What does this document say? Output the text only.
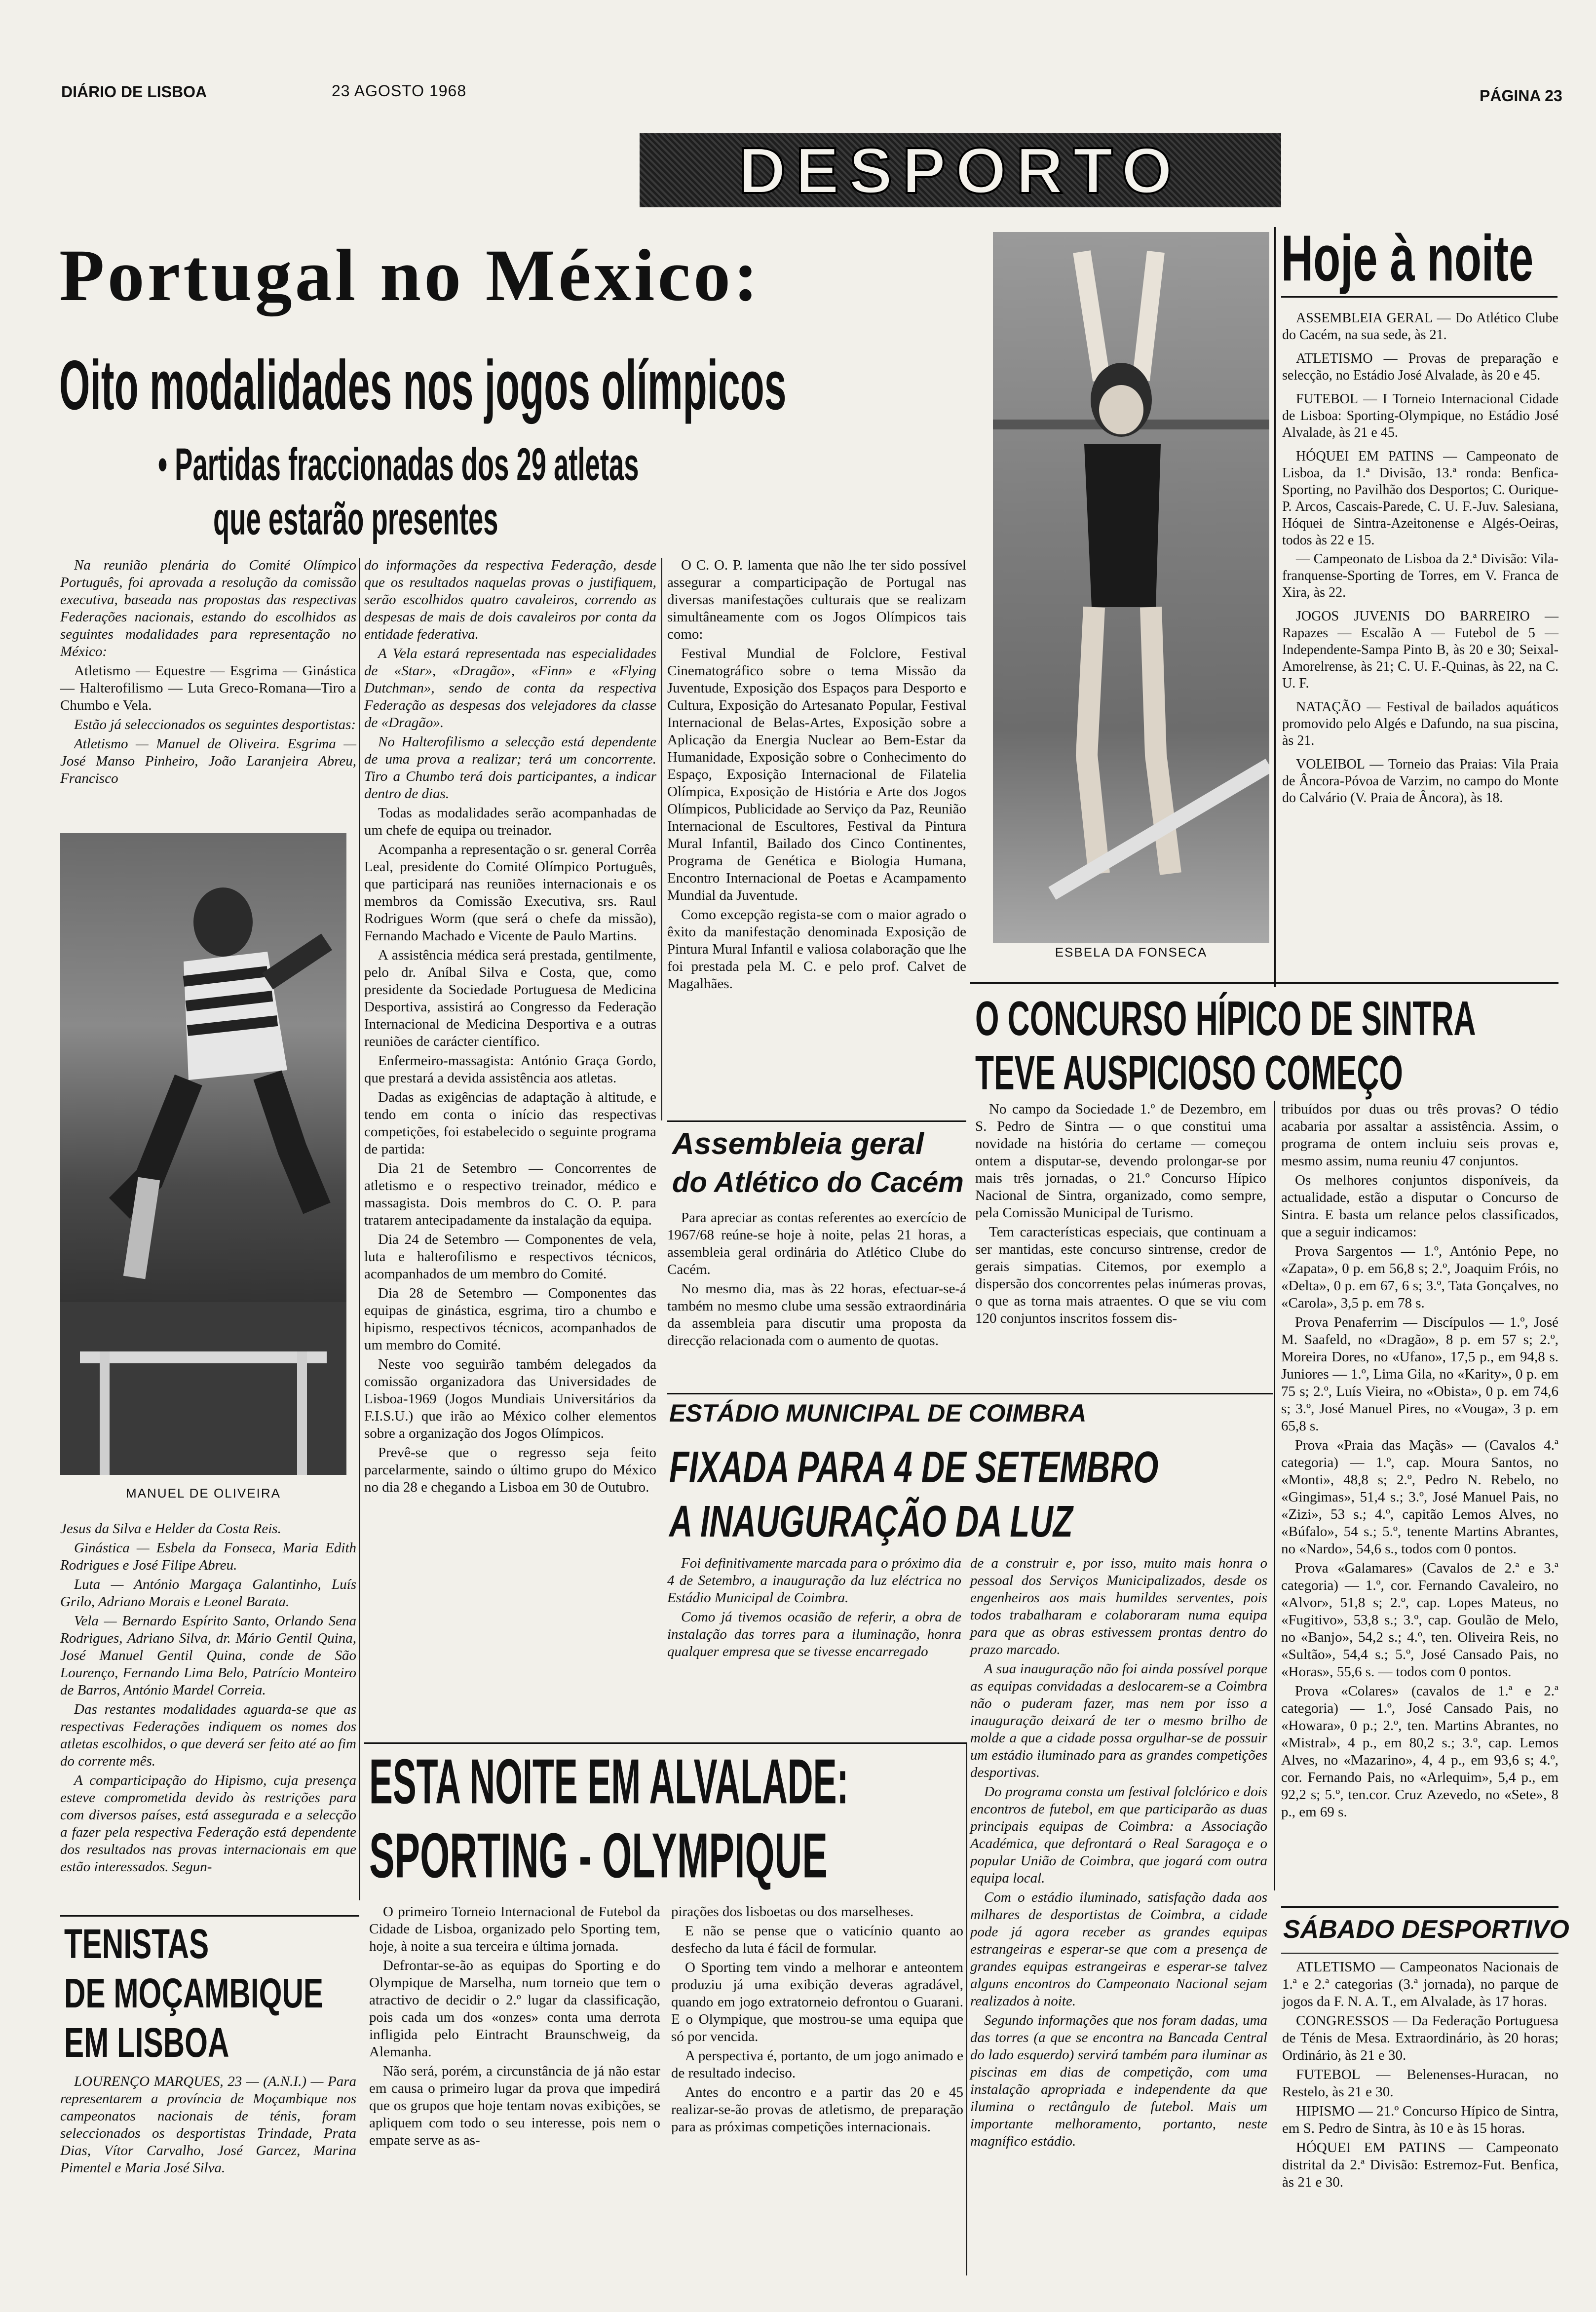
DIÁRIO DE LISBOA	23 AGOSTO 1968	PÁGINA 23
DESPORTO
Portugal no México:
Oito modalidades nos jogos olímpicos
• Partidas fraccionadas dos 29 atletas
que estarão presentes

Na reunião plenária do Comité Olímpico Português, foi aprovada a resolução da comissão executiva, baseada nas propostas das respectivas Federações nacionais, estando do escolhidos as seguintes modalidades para representação no México:

Atletismo — Equestre — Esgrima — Ginástica — Halterofilismo — Luta Greco-Romana—Tiro a Chumbo e Vela.

Estão já seleccionados os seguintes desportistas:

Atletismo — Manuel de Oliveira. Esgrima — José Manso Pinheiro, João Laranjeira Abreu, Francisco

MANUEL DE OLIVEIRA

Jesus da Silva e Helder da Costa Reis.

Ginástica — Esbela da Fonseca, Maria Edith Rodrigues e José Filipe Abreu.

Luta — António Margaça Galantinho, Luís Grilo, Adriano Morais e Leonel Barata.

Vela — Bernardo Espírito Santo, Orlando Sena Rodrigues, Adriano Silva, dr. Mário Gentil Quina, José Manuel Gentil Quina, conde de São Lourenço, Fernando Lima Belo, Patrício Monteiro de Barros, António Mardel Correia.

Das restantes modalidades aguarda-se que as respectivas Federações indiquem os nomes dos atletas escolhidos, o que deverá ser feito até ao fim do corrente mês.

A comparticipação do Hipismo, cuja presença esteve comprometida devido às restrições para com diversos países, está assegurada e a selecção a fazer pela respectiva Federação está dependente dos resultados nas provas internacionais em que estão interessados. Segun-

do informações da respectiva Federação, desde que os resultados naquelas provas o justifiquem, serão escolhidos quatro cavaleiros, correndo as despesas de mais de dois cavaleiros por conta da entidade federativa.

A Vela estará representada nas especialidades de «Star», «Dragão», «Finn» e «Flying Dutchman», sendo de conta da respectiva Federação as despesas dos velejadores da classe de «Dragão».

No Halterofilismo a selecção está dependente de uma prova a realizar; terá um concorrente. Tiro a Chumbo terá dois participantes, a indicar dentro de dias.

Todas as modalidades serão acompanhadas de um chefe de equipa ou treinador.

Acompanha a representação o sr. general Corrêa Leal, presidente do Comité Olímpico Português, que participará nas reuniões internacionais e os membros da Comissão Executiva, srs. Raul Rodrigues Worm (que será o chefe da missão), Fernando Machado e Vicente de Paulo Martins.

A assistência médica será prestada, gentilmente, pelo dr. Aníbal Silva e Costa, que, como presidente da Sociedade Portuguesa de Medicina Desportiva, assistirá ao Congresso da Federação Internacional de Medicina Desportiva e a outras reuniões de carácter científico.

Enfermeiro-massagista: António Graça Gordo, que prestará a devida assistência aos atletas.

Dadas as exigências de adaptação à altitude, e tendo em conta o início das respectivas competições, foi estabelecido o seguinte programa de partida:

Dia 21 de Setembro — Concorrentes de atletismo e o respectivo treinador, médico e massagista. Dois membros do C. O. P. para tratarem antecipadamente da instalação da equipa.

Dia 24 de Setembro — Componentes de vela, luta e halterofilismo e respectivos técnicos, acompanhados de um membro do Comité.

Dia 28 de Setembro — Componentes das equipas de ginástica, esgrima, tiro a chumbo e hipismo, respectivos técnicos, acompanhados de um membro do Comité.

Neste voo seguirão também delegados da comissão organizadora das Universidades de Lisboa-1969 (Jogos Mundiais Universitários da F.I.S.U.) que irão ao México colher elementos sobre a organização dos Jogos Olímpicos.

Prevê-se que o regresso seja feito parcelarmente, saindo o último grupo do México no dia 28 e chegando a Lisboa em 30 de Outubro.

O C. O. P. lamenta que não lhe ter sido possível assegurar a comparticipação de Portugal nas diversas manifestações culturais que se realizam simultâneamente com os Jogos Olímpicos tais como:

Festival Mundial de Folclore, Festival Cinematográfico sobre o tema Missão da Juventude, Exposição dos Espaços para Desporto e Cultura, Exposição do Artesanato Popular, Festival Internacional de Belas-Artes, Exposição sobre a Aplicação da Energia Nuclear ao Bem-Estar da Humanidade, Exposição sobre o Conhecimento do Espaço, Exposição Internacional de Filatelia Olímpica, Exposição de História e Arte dos Jogos Olímpicos, Publicidade ao Serviço da Paz, Reunião Internacional de Escultores, Festival da Pintura Mural Infantil, Bailado dos Cinco Continentes, Programa de Genética e Biologia Humana, Encontro Internacional de Poetas e Acampamento Mundial da Juventude.

Como excepção regista-se com o maior agrado o êxito da manifestação denominada Exposição de Pintura Mural Infantil e valiosa colaboração que lhe foi prestada pela M. C. e pelo prof. Calvet de Magalhães.

ESBELA DA FONSECA
Hoje à noite

ASSEMBLEIA GERAL — Do Atlético Clube do Cacém, na sua sede, às 21.

ATLETISMO — Provas de preparação e selecção, no Estádio José Alvalade, às 20 e 45.

FUTEBOL — I Torneio Internacional Cidade de Lisboa: Sporting-Olympique, no Estádio José Alvalade, às 21 e 45.

HÓQUEI EM PATINS — Campeonato de Lisboa, da 1.ª Divisão, 13.ª ronda: Benfica-Sporting, no Pavilhão dos Desportos; C. Ourique-P. Arcos, Cascais-Parede, C. U. F.-Juv. Salesiana, Hóquei de Sintra-Azeitonense e Algés-Oeiras, todos às 22 e 15.

— Campeonato de Lisboa da 2.ª Divisão: Vila-franquense-Sporting de Torres, em V. Franca de Xira, às 22.

JOGOS JUVENIS DO BARREIRO — Rapazes — Escalão A — Futebol de 5 — Independente-Sampa Pinto B, às 20 e 30; Seixal-Amorelrense, às 21; C. U. F.-Quinas, às 22, na C. U. F.

NATAÇÃO — Festival de bailados aquáticos promovido pelo Algés e Dafundo, na sua piscina, às 21.

VOLEIBOL — Torneio das Praias: Vila Praia de Âncora-Póvoa de Varzim, no campo do Monte do Calvário (V. Praia de Âncora), às 18.

O CONCURSO HÍPICO DE SINTRA
TEVE AUSPICIOSO COMEÇO

No campo da Sociedade 1.º de Dezembro, em S. Pedro de Sintra — o que constitui uma novidade na história do certame — começou ontem a disputar-se, devendo prolongar-se por mais três jornadas, o 21.º Concurso Hípico Nacional de Sintra, organizado, como sempre, pela Comissão Municipal de Turismo.

Tem características especiais, que continuam a ser mantidas, este concurso sintrense, credor de gerais simpatias. Citemos, por exemplo a dispersão dos concorrentes pelas inúmeras provas, o que as torna mais atraentes. O que se viu com 120 conjuntos inscritos fossem dis-

tribuídos por duas ou três provas? O tédio acabaria por assaltar a assistência. Assim, o programa de ontem incluiu seis provas e, mesmo assim, numa reuniu 47 conjuntos.

Os melhores conjuntos disponíveis, da actualidade, estão a disputar o Concurso de Sintra. E basta um relance pelos classificados, que a seguir indicamos:

Prova Sargentos — 1.º, António Pepe, no «Zapata», 0 p. em 56,8 s; 2.º, Joaquim Fróis, no «Delta», 0 p. em 67, 6 s; 3.º, Tata Gonçalves, no «Carola», 3,5 p. em 78 s.

Prova Penaferrim — Discípulos — 1.º, José M. Saafeld, no «Dragão», 8 p. em 57 s; 2.º, Moreira Dores, no «Ufano», 17,5 p., em 94,8 s. Juniores — 1.º, Lima Gila, no «Karity», 0 p. em 75 s; 2.º, Luís Vieira, no «Obista», 0 p. em 74,6 s; 3.º, José Manuel Pires, no «Vouga», 3 p. em 65,8 s.

Prova «Praia das Maçãs» — (Cavalos 4.ª categoria) — 1.º, cap. Moura Santos, no «Monti», 48,8 s; 2.º, Pedro N. Rebelo, no «Gingimas», 51,4 s.; 3.º, José Manuel Pais, no «Zizi», 53 s.; 4.º, capitão Lemos Alves, no «Búfalo», 54 s.; 5.º, tenente Martins Abrantes, no «Nardo», 54,6 s., todos com 0 pontos.

Prova «Galamares» (Cavalos de 2.ª e 3.ª categoria) — 1.º, cor. Fernando Cavaleiro, no «Alvor», 51,8 s; 2.º, cap. Lopes Mateus, no «Fugitivo», 53,8 s.; 3.º, cap. Goulão de Melo, no «Banjo», 54,2 s.; 4.º, ten. Oliveira Reis, no «Sultão», 54,4 s.; 5.º, José Cansado Pais, no «Horas», 55,6 s. — todos com 0 pontos.

Prova «Colares» (cavalos de 1.ª e 2.ª categoria) — 1.º, José Cansado Pais, no «Howara», 0 p.; 2.º, ten. Martins Abrantes, no «Mistral», 4 p., em 80,2 s.; 3.º, cap. Lemos Alves, no «Mazarino», 4, 4 p., em 93,6 s; 4.º, cor. Fernando Pais, no «Arlequim», 5,4 p., em 92,2 s; 5.º, ten.cor. Cruz Azevedo, no «Sete», 8 p., em 69 s.

Assembleia geral
do Atlético do Cacém

Para apreciar as contas referentes ao exercício de 1967/68 reúne-se hoje à noite, pelas 21 horas, a assembleia geral ordinária do Atlético Clube do Cacém.

No mesmo dia, mas às 22 horas, efectuar-se-á também no mesmo clube uma sessão extraordinária da assembleia para discutir uma proposta da direcção relacionada com o aumento de quotas.

ESTÁDIO MUNICIPAL DE COIMBRA
FIXADA PARA 4 DE SETEMBRO
A INAUGURAÇÃO DA LUZ

Foi definitivamente marcada para o próximo dia 4 de Setembro, a inauguração da luz eléctrica no Estádio Municipal de Coimbra.

Como já tivemos ocasião de referir, a obra de instalação das torres para a iluminação, honra qualquer empresa que se tivesse encarregado

de a construir e, por isso, muito mais honra o pessoal dos Serviços Municipalizados, desde os engenheiros aos mais humildes serventes, pois todos trabalharam e colaboraram numa equipa para que as obras estivessem prontas dentro do prazo marcado.

A sua inauguração não foi ainda possível porque as equipas convidadas a deslocarem-se a Coimbra não o puderam fazer, mas nem por isso a inauguração deixará de ter o mesmo brilho de molde a que a cidade possa orgulhar-se de possuir um estádio iluminado para as grandes competições desportivas.

Do programa consta um festival folclórico e dois encontros de futebol, em que participarão as duas principais equipas de Coimbra: a Associação Académica, que defrontará o Real Saragoça e o popular União de Coimbra, que jogará com outra equipa local.

Com o estádio iluminado, satisfação dada aos milhares de desportistas de Coimbra, a cidade pode já agora receber as grandes equipas estrangeiras e esperar-se que com a presença de grandes equipas estrangeiras e esperar-se talvez alguns encontros do Campeonato Nacional sejam realizados à noite.

Segundo informações que nos foram dadas, uma das torres (a que se encontra na Bancada Central do lado esquerdo) servirá também para iluminar as piscinas em dias de competição, com uma instalação apropriada e independente da que ilumina o rectângulo de futebol. Mais um importante melhoramento, portanto, neste magnífico estádio.

ESTA NOITE EM ALVALADE:
SPORTING - OLYMPIQUE

O primeiro Torneio Internacional de Futebol da Cidade de Lisboa, organizado pelo Sporting tem, hoje, à noite a sua terceira e última jornada.

Defrontar-se-ão as equipas do Sporting e do Olympique de Marselha, num torneio que tem o atractivo de decidir o 2.º lugar da classificação, pois cada um dos «onzes» conta uma derrota infligida pelo Eintracht Braunschweig, da Alemanha.

Não será, porém, a circunstância de já não estar em causa o primeiro lugar da prova que impedirá que os grupos que hoje tentam novas exibições, se apliquem com todo o seu interesse, pois nem o empate serve as as-

pirações dos lisboetas ou dos marselheses.

E não se pense que o vaticínio quanto ao desfecho da luta é fácil de formular.

O Sporting tem vindo a melhorar e anteontem produziu já uma exibição deveras agradável, quando em jogo extratorneio defrontou o Guarani. E o Olympique, que mostrou-se uma equipa que só por vencida.

A perspectiva é, portanto, de um jogo animado e de resultado indeciso.

Antes do encontro e a partir das 20 e 45 realizar-se-ão provas de atletismo, de preparação para as próximas competições internacionais.

TENISTAS
DE MOÇAMBIQUE
EM LISBOA

LOURENÇO MARQUES, 23 — (A.N.I.) — Para representarem a província de Moçambique nos campeonatos nacionais de ténis, foram seleccionados os desportistas Trindade, Prata Dias, Vítor Carvalho, José Garcez, Marina Pimentel e Maria José Silva.

SÁBADO DESPORTIVO

ATLETISMO — Campeonatos Nacionais de 1.ª e 2.ª categorias (3.ª jornada), no parque de jogos da F. N. A. T., em Alvalade, às 17 horas.

CONGRESSOS — Da Federação Portuguesa de Ténis de Mesa. Extraordinário, às 20 horas; Ordinário, às 21 e 30.

FUTEBOL — Belenenses-Huracan, no Restelo, às 21 e 30.

HIPISMO — 21.º Concurso Hípico de Sintra, em S. Pedro de Sintra, às 10 e às 15 horas.

HÓQUEI EM PATINS — Campeonato distrital da 2.ª Divisão: Estremoz-Fut. Benfica, às 21 e 30.
